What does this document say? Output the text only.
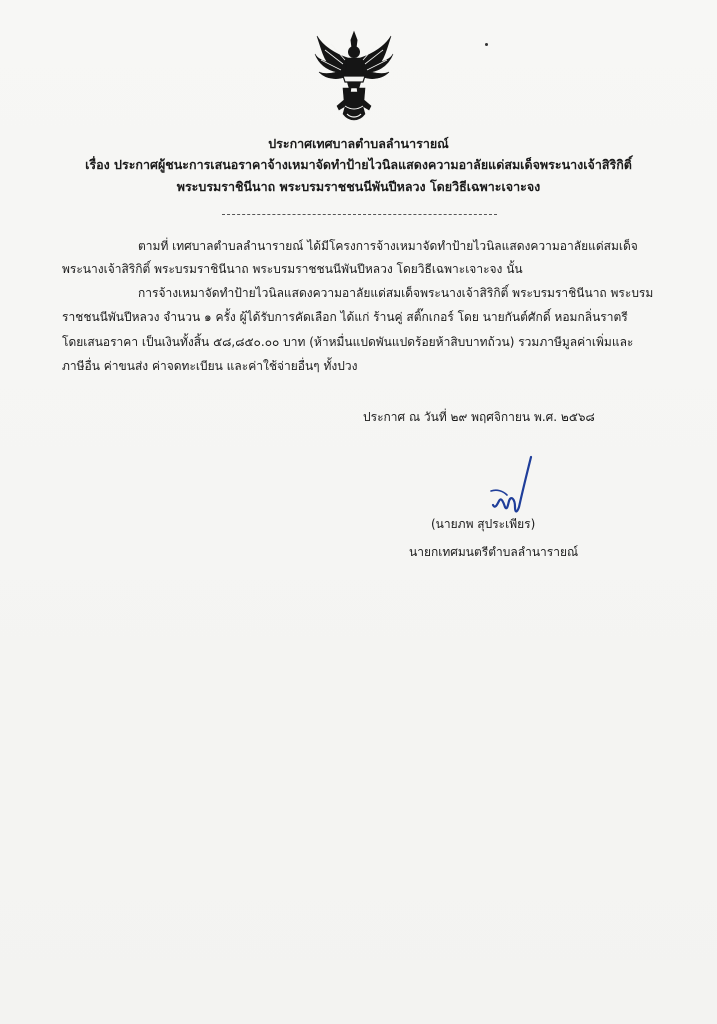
ประกาศเทศบาลตำบลลำนารายณ์
เรื่อง ประกาศผู้ชนะการเสนอราคาจ้างเหมาจัดทำป้ายไวนิลแสดงความอาลัยแด่สมเด็จพระนางเจ้าสิริกิติ์
พระบรมราชินีนาถ พระบรมราชชนนีพันปีหลวง โดยวิธีเฉพาะเจาะจง
ตามที่ เทศบาลตำบลลำนารายณ์ ได้มีโครงการจ้างเหมาจัดทำป้ายไวนิลแสดงความอาลัยแด่สมเด็จ
พระนางเจ้าสิริกิติ์ พระบรมราชินีนาถ พระบรมราชชนนีพันปีหลวง โดยวิธีเฉพาะเจาะจง นั้น
การจ้างเหมาจัดทำป้ายไวนิลแสดงความอาลัยแด่สมเด็จพระนางเจ้าสิริกิติ์ พระบรมราชินีนาถ พระบรม
ราชชนนีพันปีหลวง จำนวน ๑ ครั้ง ผู้ได้รับการคัดเลือก ได้แก่ ร้านคู่ สติ๊กเกอร์ โดย นายกันต์ศักดิ์ หอมกลิ่นราตรี
โดยเสนอราคา เป็นเงินทั้งสิ้น ๕๘,๘๕๐.๐๐ บาท (ห้าหมื่นแปดพันแปดร้อยห้าสิบบาทถ้วน) รวมภาษีมูลค่าเพิ่มและ
ภาษีอื่น ค่าขนส่ง ค่าจดทะเบียน และค่าใช้จ่ายอื่นๆ ทั้งปวง
ประกาศ ณ วันที่ ๒๙ พฤศจิกายน พ.ศ. ๒๕๖๘
(นายภพ สุประเพียร)
นายกเทศมนตรีตำบลลำนารายณ์
